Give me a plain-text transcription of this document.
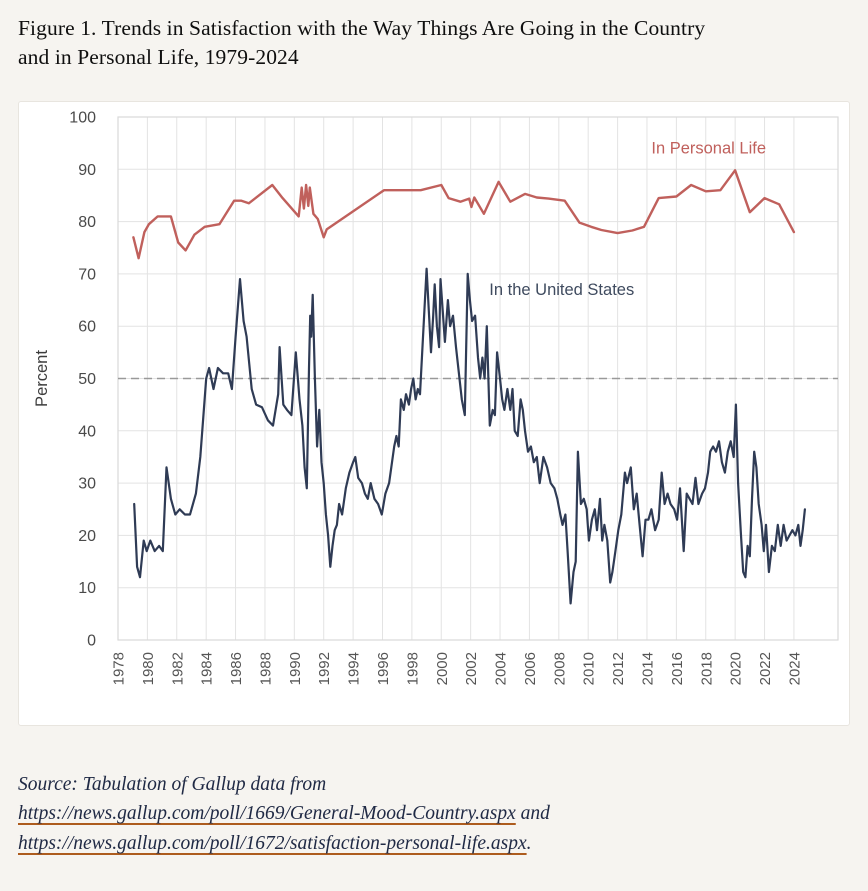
Figure 1. Trends in Satisfaction with the Way Things Are Going in the Country
and in Personal Life, 1979-2024
In Personal Life
In the United States
0
10
20
30
40
50
60
70
80
90
100
1978 1980 1982 1984 1986 1988 1990 1992 1994 1996 1998 2000 2002 2004 2006 2008 2010 2012 2014 2016 2018 2020 2022 2024
Percent
Source: Tabulation of Gallup data from
https://news.gallup.com/poll/1669/General-Mood-Country.aspx and
https://news.gallup.com/poll/1672/satisfaction-personal-life.aspx.
